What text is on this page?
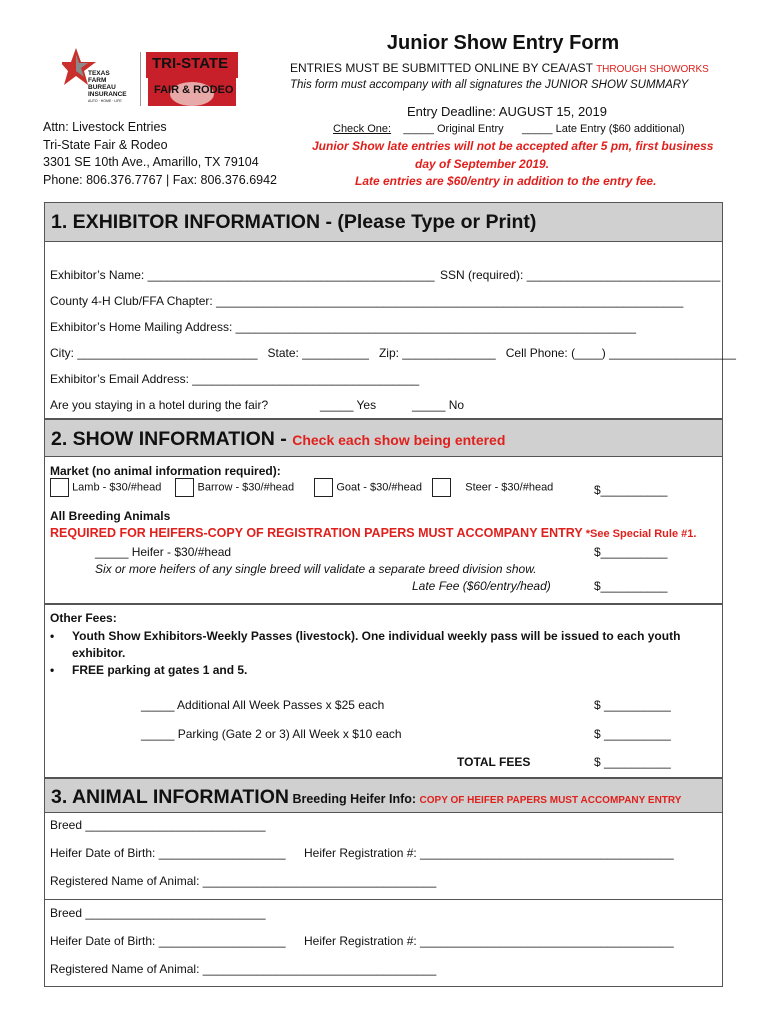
TEXAS
FARM
BUREAU
INSURANCE
AUTO · HOME · LIFE
TRI-STATE
FAIR & RODEO
Junior Show Entry Form
ENTRIES MUST BE SUBMITTED ONLINE BY CEA/AST THROUGH SHOWORKS
This form must accompany with all signatures the JUNIOR SHOW SUMMARY
Entry Deadline: AUGUST 15, 2019
Check One: _____ Original Entry      _____ Late Entry ($60 additional)
Junior Show late entries will not be accepted after 5 pm, first business
day of September 2019.
Late entries are $60/entry in addition to the entry fee.
Attn: Livestock Entries
Tri-State Fair & Rodeo
3301 SE 10th Ave., Amarillo, TX 79104
Phone: 806.376.7767 | Fax: 806.376.6942
1. EXHIBITOR INFORMATION - (Please Type or Print)
Exhibitor’s Name: ___________________________________________ SSN (required): _____________________________
County 4-H Club/FFA Chapter: ______________________________________________________________________
Exhibitor’s Home Mailing Address: ____________________________________________________________
City: ___________________________   State: __________   Zip: ______________   Cell Phone: (____) ___________________
Exhibitor’s Email Address: __________________________________
Are you staying in a hotel during the fair?	_____ Yes	_____ No
2. SHOW INFORMATION - Check each show being entered
Market (no animal information required):
Lamb - $30/#head	Barrow - $30/#head	Goat - $30/#head	Steer - $30/#head	$__________
All Breeding Animals
REQUIRED FOR HEIFERS-COPY OF REGISTRATION PAPERS MUST ACCOMPANY ENTRY *See Special Rule #1.
_____ Heifer - $30/#head	$__________
Six or more heifers of any single breed will validate a separate breed division show.
Late Fee ($60/entry/head)	$__________
Other Fees:
• Youth Show Exhibitors-Weekly Passes (livestock). One individual weekly pass will be issued to each youth
exhibitor.
• FREE parking at gates 1 and 5.
_____ Additional All Week Passes x $25 each	$ __________
_____ Parking (Gate 2 or 3) All Week x $10 each	$ __________
TOTAL FEES	$ __________
3. ANIMAL INFORMATION Breeding Heifer Info: COPY OF HEIFER PAPERS MUST ACCOMPANY ENTRY
Breed ___________________________
Heifer Date of Birth: ___________________ Heifer Registration #: ______________________________________
Registered Name of Animal: ___________________________________
Breed ___________________________
Heifer Date of Birth: ___________________ Heifer Registration #: ______________________________________
Registered Name of Animal: ___________________________________
